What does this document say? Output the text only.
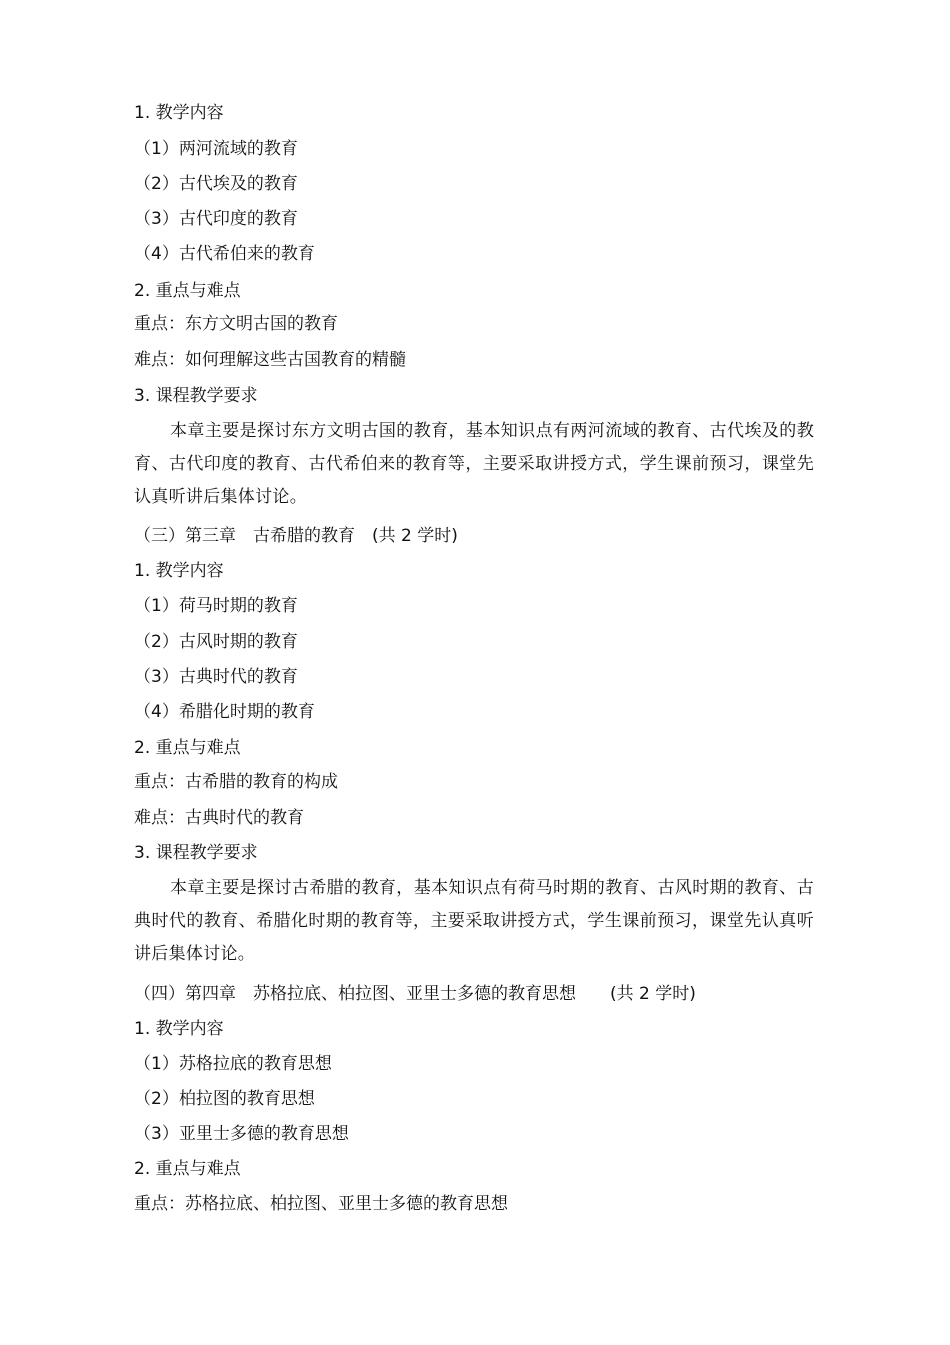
1. 教学内容
（1）两河流域的教育
（2）古代埃及的教育
（3）古代印度的教育
（4）古代希伯来的教育
2. 重点与难点
重点：东方文明古国的教育
难点：如何理解这些古国教育的精髓
3. 课程教学要求
本章主要是探讨东方文明古国的教育，基本知识点有两河流域的教育、古代埃及的教育、古代印度的教育、古代希伯来的教育等，主要采取讲授方式，学生课前预习，课堂先认真听讲后集体讨论。
（三）第三章　古希腊的教育　(共 2 学时)
1. 教学内容
（1）荷马时期的教育
（2）古风时期的教育
（3）古典时代的教育
（4）希腊化时期的教育
2. 重点与难点
重点：古希腊的教育的构成
难点：古典时代的教育
3. 课程教学要求
本章主要是探讨古希腊的教育，基本知识点有荷马时期的教育、古风时期的教育、古典时代的教育、希腊化时期的教育等，主要采取讲授方式，学生课前预习，课堂先认真听讲后集体讨论。
（四）第四章　苏格拉底、柏拉图、亚里士多德的教育思想　　(共 2 学时)
1. 教学内容
（1）苏格拉底的教育思想
（2）柏拉图的教育思想
（3）亚里士多德的教育思想
2. 重点与难点
重点：苏格拉底、柏拉图、亚里士多德的教育思想
